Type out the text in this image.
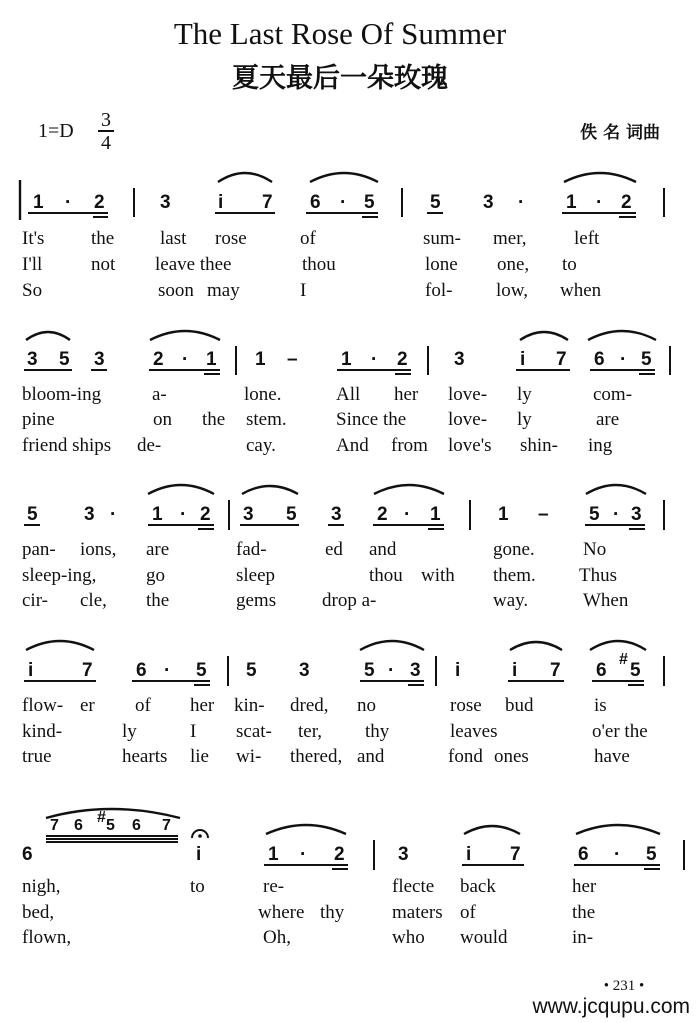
The Last Rose Of Summer
夏天最后一朵玫瑰
1=D 3
4	佚 名 词曲
1 · 2	3 i 7 6 · 5	5 3 · 1 · 2
It's the last rose	of	sum- mer, left
I'll	not leave thee	thou	lone one, to
So	soon may	I	fol- low, when
3 5 3	2 · 1 1 – 1 · 2 3	i 7 6 · 5
bloom-ing	a-	lone.	All her love- ly	com-
pine	on the stem.	Since the love- ly	are
friend ships de-	cay.	And from love's shin- ing
5 3 · 1 · 2 3 5 3 2 · 1	1 – 5 · 3
pan- ions, are	fad-	ed and	gone.	No
sleep-ing,	go	sleep	thou with them. Thus
cir- cle, the	gems drop a-	way.	When
i	7 6 · 5 5 3	5 · 3 i	i 7 6
#
5
flow- er of her kin- dred, no	rose bud	is
kind-	ly	I scat- ter, thy	leaves	o'er the
true	hearts lie wi- thered, and	fond ones	have
6
7 6 # 5 6 7
i	1 · 2	3	i 7	6 · 5
nigh,	to	re-	flecte back	her
bed,	where thy	maters of	the
flown,	Oh,	who would	in-
• 231 •
www.jcqupu.com
